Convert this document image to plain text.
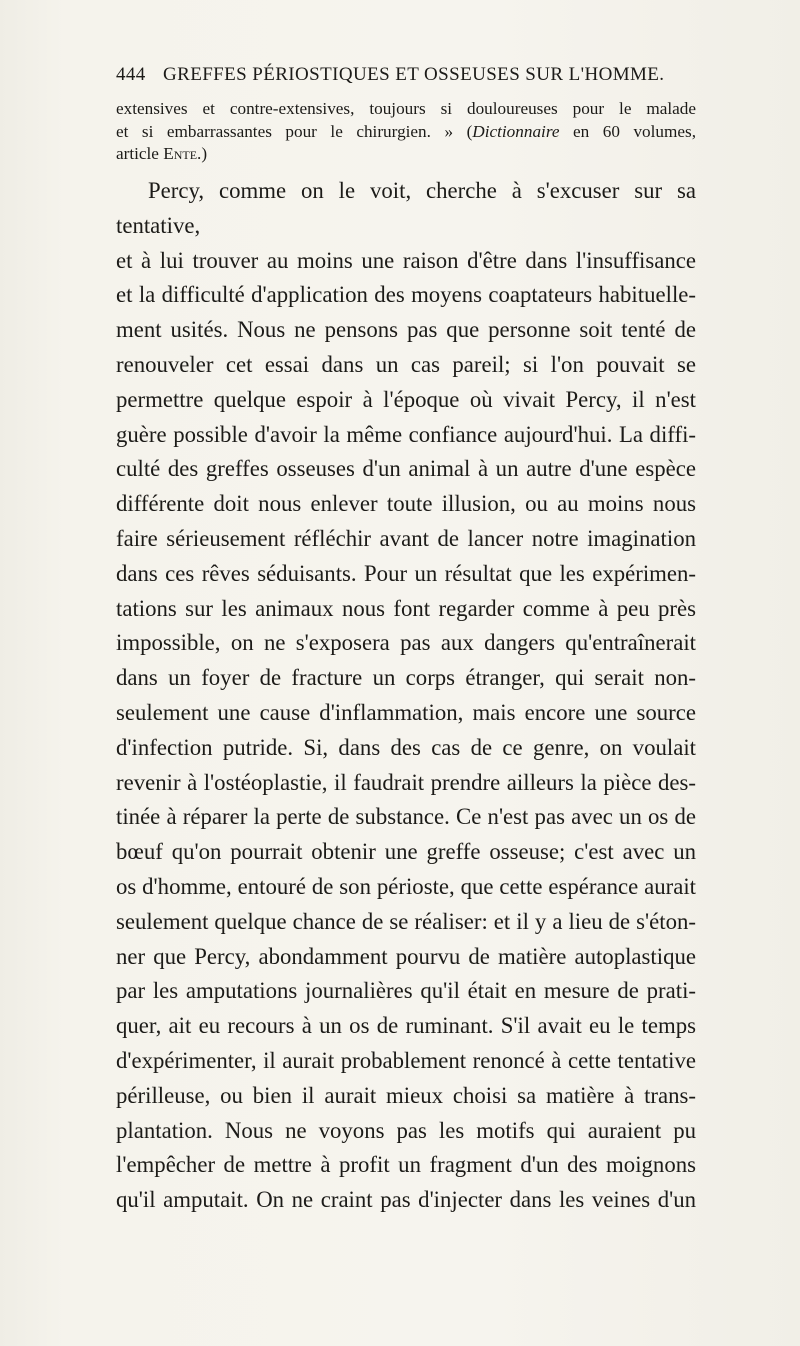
444 GREFFES PÉRIOSTIQUES ET OSSEUSES SUR L'HOMME.
extensives et contre-extensives, toujours si douloureuses pour le malade
et si embarrassantes pour le chirurgien. » (Dictionnaire en 60 volumes,
article Ente.)
Percy, comme on le voit, cherche à s'excuser sur sa tentative,
et à lui trouver au moins une raison d'être dans l'insuffisance
et la difficulté d'application des moyens coaptateurs habituelle-
ment usités. Nous ne pensons pas que personne soit tenté de
renouveler cet essai dans un cas pareil; si l'on pouvait se
permettre quelque espoir à l'époque où vivait Percy, il n'est
guère possible d'avoir la même confiance aujourd'hui. La diffi-
culté des greffes osseuses d'un animal à un autre d'une espèce
différente doit nous enlever toute illusion, ou au moins nous
faire sérieusement réfléchir avant de lancer notre imagination
dans ces rêves séduisants. Pour un résultat que les expérimen-
tations sur les animaux nous font regarder comme à peu près
impossible, on ne s'exposera pas aux dangers qu'entraînerait
dans un foyer de fracture un corps étranger, qui serait non-
seulement une cause d'inflammation, mais encore une source
d'infection putride. Si, dans des cas de ce genre, on voulait
revenir à l'ostéoplastie, il faudrait prendre ailleurs la pièce des-
tinée à réparer la perte de substance. Ce n'est pas avec un os de
bœuf qu'on pourrait obtenir une greffe osseuse; c'est avec un
os d'homme, entouré de son périoste, que cette espérance aurait
seulement quelque chance de se réaliser: et il y a lieu de s'éton-
ner que Percy, abondamment pourvu de matière autoplastique
par les amputations journalières qu'il était en mesure de prati-
quer, ait eu recours à un os de ruminant. S'il avait eu le temps
d'expérimenter, il aurait probablement renoncé à cette tentative
périlleuse, ou bien il aurait mieux choisi sa matière à trans-
plantation. Nous ne voyons pas les motifs qui auraient pu
l'empêcher de mettre à profit un fragment d'un des moignons
qu'il amputait. On ne craint pas d'injecter dans les veines d'un
